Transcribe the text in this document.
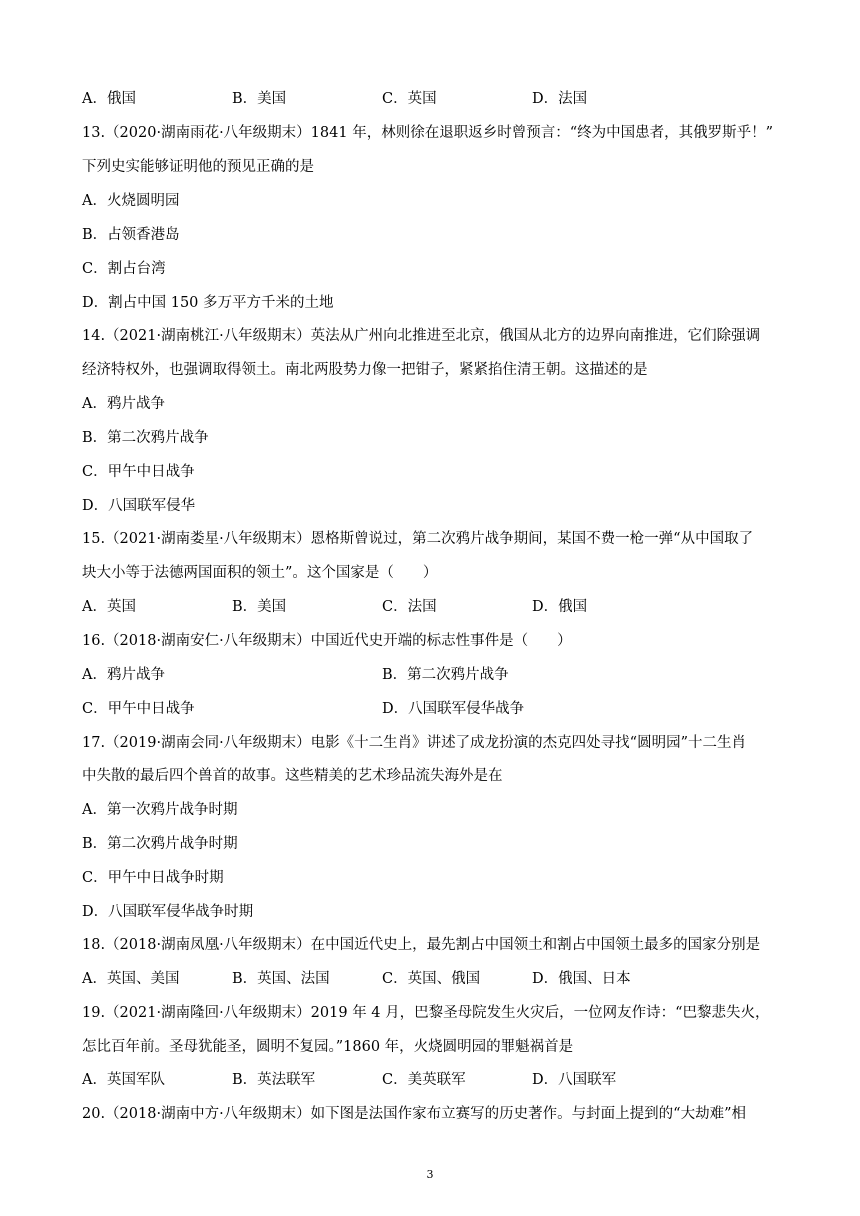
A．俄国	B．美国	C．英国	D．法国
13.（2020·湖南雨花·八年级期末）1841 年，林则徐在退职返乡时曾预言：“终为中国患者，其俄罗斯乎！”
下列史实能够证明他的预见正确的是
A．火烧圆明园
B．占领香港岛
C．割占台湾
D．割占中国 150 多万平方千米的土地
14.（2021·湖南桃江·八年级期末）英法从广州向北推进至北京，俄国从北方的边界向南推进，它们除强调
经济特权外，也强调取得领土。南北两股势力像一把钳子，紧紧掐住清王朝。这描述的是
A．鸦片战争
B．第二次鸦片战争
C．甲午中日战争
D．八国联军侵华
15.（2021·湖南娄星·八年级期末）恩格斯曾说过，第二次鸦片战争期间，某国不费一枪一弹“从中国取了
块大小等于法德两国面积的领土”。这个国家是（　　）
A．英国	B．美国	C．法国	D．俄国
16.（2018·湖南安仁·八年级期末）中国近代史开端的标志性事件是（　　）
A．鸦片战争	B．第二次鸦片战争
C．甲午中日战争	D．八国联军侵华战争
17.（2019·湖南会同·八年级期末）电影《十二生肖》讲述了成龙扮演的杰克四处寻找“圆明园”十二生肖
中失散的最后四个兽首的故事。这些精美的艺术珍品流失海外是在
A．第一次鸦片战争时期
B．第二次鸦片战争时期
C．甲午中日战争时期
D．八国联军侵华战争时期
18.（2018·湖南凤凰·八年级期末）在中国近代史上，最先割占中国领土和割占中国领土最多的国家分别是
A．英国、美国	B．英国、法国	C．英国、俄国	D．俄国、日本
19.（2021·湖南隆回·八年级期末）2019 年 4 月，巴黎圣母院发生火灾后，一位网友作诗：“巴黎悲失火，
怎比百年前。圣母犹能圣，圆明不复园。”1860 年，火烧圆明园的罪魁祸首是
A．英国军队	B．英法联军	C．美英联军	D．八国联军
20.（2018·湖南中方·八年级期末）如下图是法国作家布立赛写的历史著作。与封面上提到的“大劫难”相
3
